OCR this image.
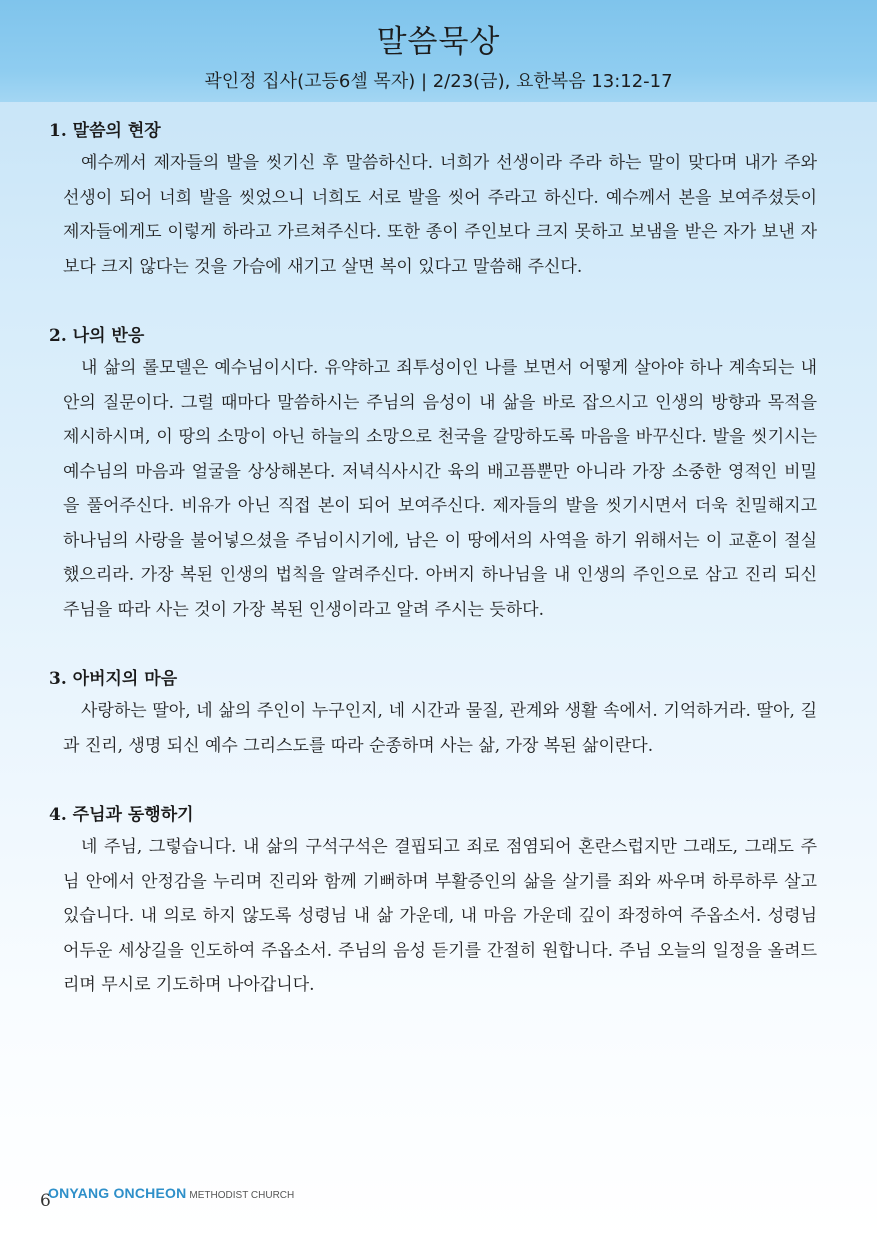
말씀묵상
곽인정 집사(고등6셀 목자) | 2/23(금), 요한복음 13:12-17
1. 말씀의 현장

예수께서 제자들의 발을 씻기신 후 말씀하신다. 너희가 선생이라 주라 하는 말이 맞다며 내가 주와 선생이 되어 너희 발을 씻었으니 너희도 서로 발을 씻어 주라고 하신다. 예수께서 본을 보여주셨듯이 제자들에게도 이렇게 하라고 가르쳐주신다. 또한 종이 주인보다 크지 못하고 보냄을 받은 자가 보낸 자보다 크지 않다는 것을 가슴에 새기고 살면 복이 있다고 말씀해 주신다.

2. 나의 반응

내 삶의 롤모델은 예수님이시다. 유약하고 죄투성이인 나를 보면서 어떻게 살아야 하나 계속되는 내 안의 질문이다. 그럴 때마다 말씀하시는 주님의 음성이 내 삶을 바로 잡으시고 인생의 방향과 목적을 제시하시며, 이 땅의 소망이 아닌 하늘의 소망으로 천국을 갈망하도록 마음을 바꾸신다. 발을 씻기시는 예수님의 마음과 얼굴을 상상해본다. 저녁식사시간 육의 배고픔뿐만 아니라 가장 소중한 영적인 비밀을 풀어주신다. 비유가 아닌 직접 본이 되어 보여주신다. 제자들의 발을 씻기시면서 더욱 친밀해지고 하나님의 사랑을 불어넣으셨을 주님이시기에, 남은 이 땅에서의 사역을 하기 위해서는 이 교훈이 절실했으리라. 가장 복된 인생의 법칙을 알려주신다. 아버지 하나님을 내 인생의 주인으로 삼고 진리 되신 주님을 따라 사는 것이 가장 복된 인생이라고 알려 주시는 듯하다.

3. 아버지의 마음

사랑하는 딸아, 네 삶의 주인이 누구인지, 네 시간과 물질, 관계와 생활 속에서. 기억하거라. 딸아, 길과 진리, 생명 되신 예수 그리스도를 따라 순종하며 사는 삶, 가장 복된 삶이란다.

4. 주님과 동행하기

네 주님, 그렇습니다. 내 삶의 구석구석은 결핍되고 죄로 점염되어 혼란스럽지만 그래도, 그래도 주님 안에서 안정감을 누리며 진리와 함께 기뻐하며 부활증인의 삶을 살기를 죄와 싸우며 하루하루 살고 있습니다. 내 의로 하지 않도록 성령님 내 삶 가운데, 내 마음 가운데 깊이 좌정하여 주옵소서. 성령님 어두운 세상길을 인도하여 주옵소서. 주님의 음성 듣기를 간절히 원합니다. 주님 오늘의 일정을 올려드리며 무시로 기도하며 나아갑니다.

6
ONYANG ONCHEON METHODIST CHURCH
